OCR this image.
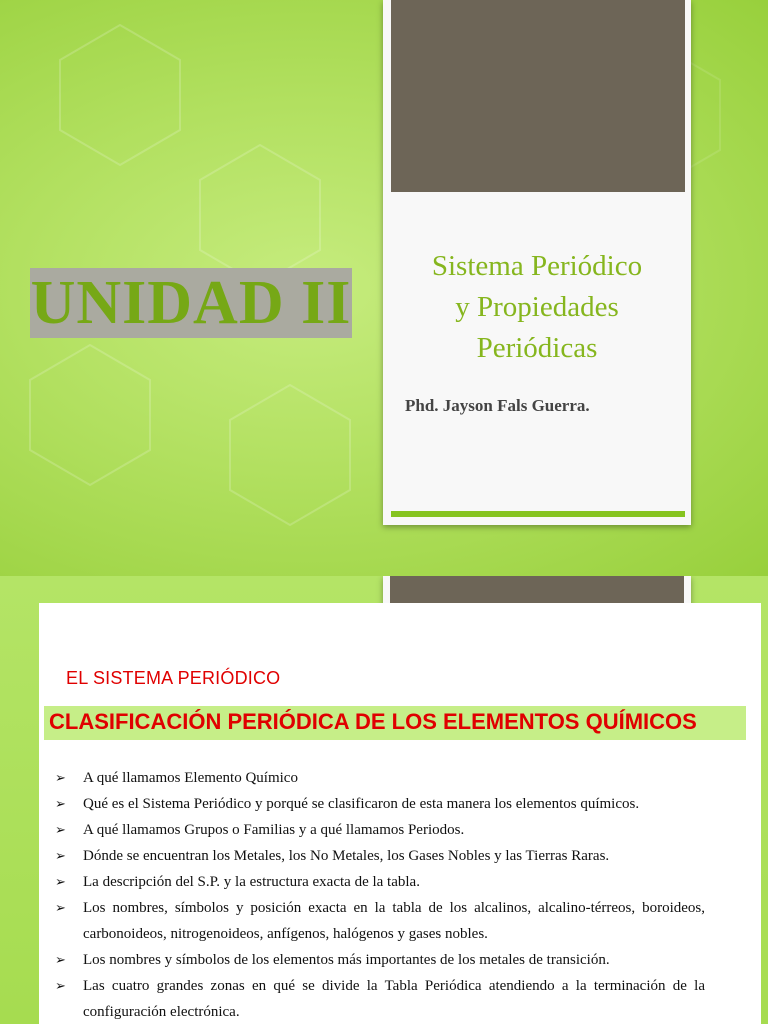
UNIDAD II
Sistema Periódico
y Propiedades
Periódicas
Phd. Jayson Fals Guerra.
EL SISTEMA PERIÓDICO
CLASIFICACIÓN PERIÓDICA DE LOS ELEMENTOS QUÍMICOS
➢ A qué llamamos Elemento Químico
➢ Qué es el Sistema Periódico y porqué se clasificaron de esta manera los elementos químicos.
➢ A qué llamamos Grupos o Familias y a qué llamamos Periodos.
➢ Dónde se encuentran los Metales, los No Metales, los Gases Nobles y las Tierras Raras.
➢ La descripción del S.P. y la estructura exacta de la tabla.
➢ Los nombres, símbolos y posición exacta en la tabla de los alcalinos, alcalino-térreos, boroideos, carbonoideos, nitrogenoideos, anfígenos, halógenos y gases nobles.
➢ Los nombres y símbolos de los elementos más importantes de los metales de transición.
➢ Las cuatro grandes zonas en qué se divide la Tabla Periódica atendiendo a la terminación de la configuración electrónica.
